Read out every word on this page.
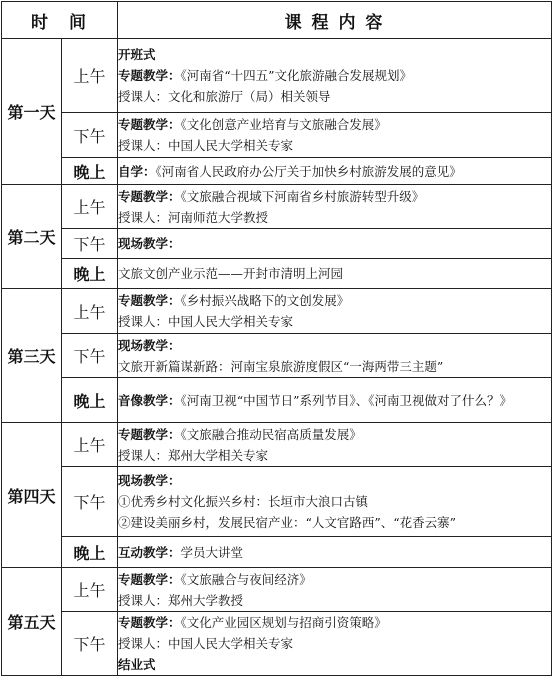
时　间		课 程 内 容
第一天	上午	开班式
专题教学：《河南省“十四五”文化旅游融合发展规划》
授课人：文化和旅游厅（局）相关领导

	下午	专题教学：《文化创意产业培育与文旅融合发展》
授课人：中国人民大学相关专家

	晚上	自学：《河南省人民政府办公厅关于加快乡村旅游发展的意见》

第二天	上午	专题教学：《文旅融合视域下河南省乡村旅游转型升级》
授课人：河南师范大学教授

	下午	现场教学：

	晚上	文旅文创产业示范——开封市清明上河园

第三天	上午	专题教学：《乡村振兴战略下的文创发展》
授课人：中国人民大学相关专家

	下午	现场教学：
文旅开新篇谋新路：河南宝泉旅游度假区“一海两带三主题”

	晚上	音像教学：《河南卫视“中国节日”系列节目》、《河南卫视做对了什么？》

第四天	上午	专题教学：《文旅融合推动民宿高质量发展》
授课人：郑州大学相关专家

	下午	现场教学：
①优秀乡村文化振兴乡村：长垣市大浪口古镇
②建设美丽乡村，发展民宿产业：“人文官路西”、“花香云寨”

	晚上	互动教学：学员大讲堂

第五天	上午	专题教学：《文旅融合与夜间经济》
授课人：郑州大学教授

	下午	专题教学：《文化产业园区规划与招商引资策略》
授课人：中国人民大学相关专家
结业式
